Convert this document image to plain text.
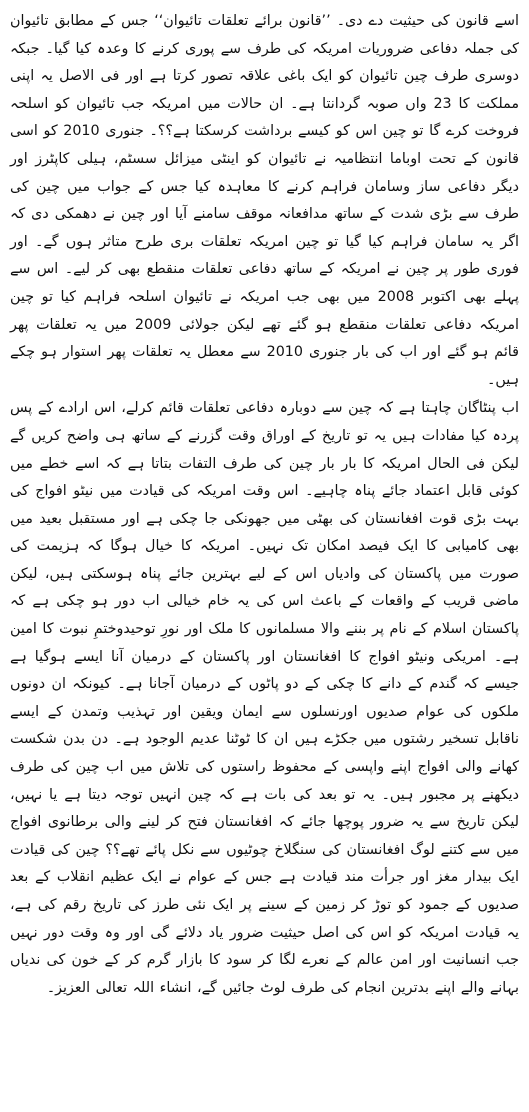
اسے قانون کی حیثیت دے دی۔ ’’قانون برائے تعلقات تائیوان‘‘ جس کے مطابق تائیوان کی جملہ دفاعی ضروریات امریکہ کی طرف سے پوری کرنے کا وعدہ کیا گیا۔ جبکہ دوسری طرف چین تائیوان کو ایک باغی علاقہ تصور کرتا ہے اور فی الاصل یہ اپنی مملکت کا 23 واں صوبہ گردانتا ہے۔ ان حالات میں امریکہ جب تائیوان کو اسلحہ فروخت کرے گا تو چین اس کو کیسے برداشت کرسکتا ہے؟؟۔ جنوری 2010 کو اسی قانون کے تحت اوباما انتظامیہ نے تائیوان کو اینٹی میزائل سسٹم، ہیلی کاپٹرز اور دیگر دفاعی ساز وسامان فراہم کرنے کا معاہدہ کیا جس کے جواب میں چین کی طرف سے بڑی شدت کے ساتھ مدافعانہ موقف سامنے آیا اور چین نے دھمکی دی کہ اگر یہ سامان فراہم کیا گیا تو چین امریکہ تعلقات بری طرح متاثر ہوں گے۔ اور فوری طور پر چین نے امریکہ کے ساتھ دفاعی تعلقات منقطع بھی کر لیے۔ اس سے پہلے بھی اکتوبر 2008 میں بھی جب امریکہ نے تائیوان اسلحہ فراہم کیا تو چین امریکہ دفاعی تعلقات منقطع ہو گئے تھے لیکن جولائی 2009 میں یہ تعلقات پھر قائم ہو گئے اور اب کی بار جنوری 2010 سے معطل یہ تعلقات پھر استوار ہو چکے ہیں۔

اب پنٹاگان چاہتا ہے کہ چین سے دوبارہ دفاعی تعلقات قائم کرلے، اس ارادے کے پس پردہ کیا مفادات ہیں یہ تو تاریخ کے اوراق وقت گزرنے کے ساتھ ہی واضح کریں گے لیکن فی الحال امریکہ کا بار بار چین کی طرف التفات بتاتا ہے کہ اسے خطے میں کوئی قابل اعتماد جائے پناہ چاہیے۔ اس وقت امریکہ کی قیادت میں نیٹو افواج کی بہت بڑی قوت افغانستان کی بھٹی میں جھونکی جا چکی ہے اور مستقبل بعید میں بھی کامیابی کا ایک فیصد امکان تک نہیں۔ امریکہ کا خیال ہوگا کہ ہزیمت کی صورت میں پاکستان کی وادیاں اس کے لیے بہترین جائے پناہ ہوسکتی ہیں، لیکن ماضی قریب کے واقعات کے باعث اس کی یہ خام خیالی اب دور ہو چکی ہے کہ پاکستان اسلام کے نام پر بننے والا مسلمانوں کا ملک اور نورِ توحیدوختمِ نبوت کا امین ہے۔ امریکی ونیٹو افواج کا افغانستان اور پاکستان کے درمیان آنا ایسے ہوگیا ہے جیسے کہ گندم کے دانے کا چکی کے دو پاٹوں کے درمیان آجانا ہے۔ کیونکہ ان دونوں ملکوں کی عوام صدیوں اورنسلوں سے ایمان ویقین اور تہذیب وتمدن کے ایسے ناقابل تسخیر رشتوں میں جکڑے ہیں ان کا ٹوٹنا عدیم الوجود ہے۔ دن بدن شکست کھانے والی افواج اپنے واپسی کے محفوظ راستوں کی تلاش میں اب چین کی طرف دیکھنے پر مجبور ہیں۔ یہ تو بعد کی بات ہے کہ چین انہیں توجہ دیتا ہے یا نہیں، لیکن تاریخ سے یہ ضرور پوچھا جائے کہ افغانستان فتح کر لینے والی برطانوی افواج میں سے کتنے لوگ افغانستان کی سنگلاخ چوٹیوں سے نکل پائے تھے؟؟ چین کی قیادت ایک بیدار مغز اور جرأت مند قیادت ہے جس کے عوام نے ایک عظیم انقلاب کے بعد صدیوں کے جمود کو توڑ کر زمین کے سینے پر ایک نئی طرز کی تاریخ رقم کی ہے، یہ قیادت امریکہ کو اس کی اصل حیثیت ضرور یاد دلائے گی اور وہ وقت دور نہیں جب انسانیت اور امن عالم کے نعرے لگا کر سود کا بازار گرم کر کے خون کی ندیاں بہانے والے اپنے بدترین انجام کی طرف لوٹ جائیں گے، انشاء اللہ تعالی العزیز۔
